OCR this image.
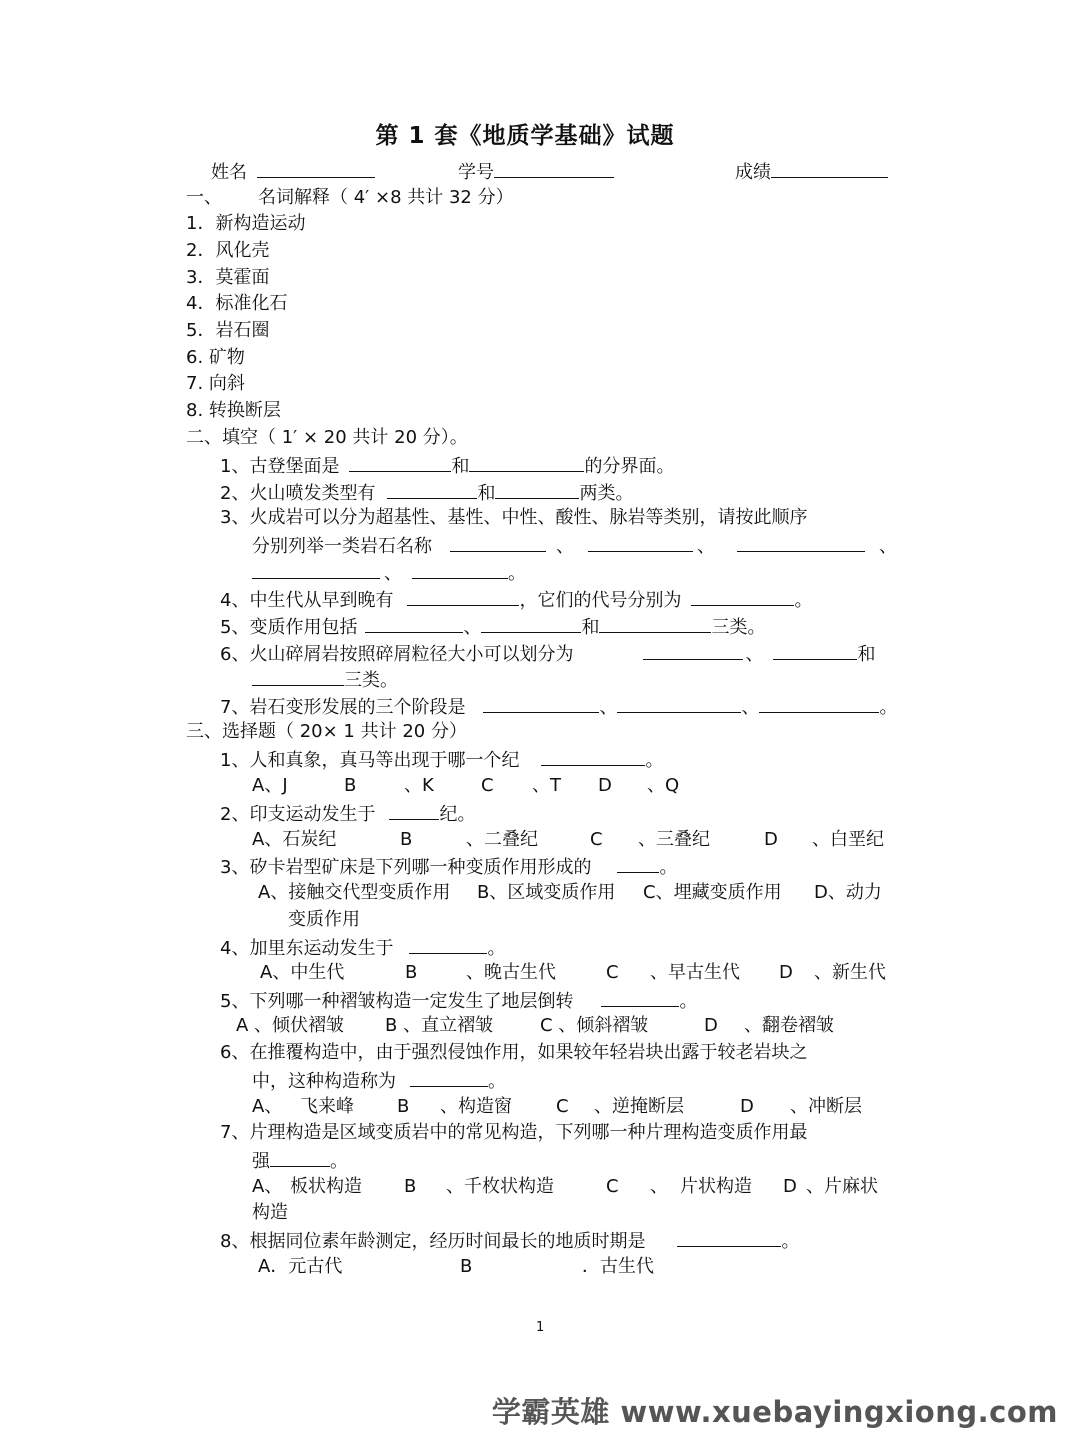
第 1 套《地质学基础》试题
姓名	学号	成绩
一、 名词解释（ 4′ ×8 共计 32 分）
1．新构造运动
2．风化壳
3．莫霍面
4．标准化石
5．岩石圈
6. 矿物
7. 向斜
8. 转换断层
二、填空（ 1′ × 20 共计 20 分）。
1、古登堡面是	和	的分界面。
2、火山喷发类型有	和	两类。
3、火成岩可以分为超基性、基性、中性、酸性、脉岩等类别，请按此顺序
分别列举一类岩石名称	、	、	、
、	。
4、中生代从早到晚有	，它们的代号分别为	。
5、变质作用包括	、	和	三类。
6、火山碎屑岩按照碎屑粒径大小可以划分为	、	和
三类。
7、岩石变形发展的三个阶段是	、	、	。
三、选择题（ 20× 1 共计 20 分）
1、人和真象，真马等出现于哪一个纪	。
A、J	B	、K	C 、T D 、Q
2、印支运动发生于	纪。
A、石炭纪	B	、二叠纪	C 、三叠纪	D 、白垩纪
3、矽卡岩型矿床是下列哪一种变质作用形成的	。
A、接触交代型变质作用 B、区域变质作用 C、埋藏变质作用 D、动力
变质作用
4、加里东运动发生于	。
A、中生代	B	、晚古生代	C 、早古生代 D 、新生代
5、下列哪一种褶皱构造一定发生了地层倒转	。
A 、倾伏褶皱 B 、直立褶皱	C 、倾斜褶皱	D 、翻卷褶皱
6、在推覆构造中，由于强烈侵蚀作用，如果较年轻岩块出露于较老岩块之
中，这种构造称为	。
A、 飞来峰 B 、构造窗 C 、逆掩断层	D 、冲断层
7、片理构造是区域变质岩中的常见构造，下列哪一种片理构造变质作用最
强	。
A、 板状构造 B 、千枚状构造	C 、 片状构造 D 、片麻状
构造
8、根据同位素年龄测定，经历时间最长的地质时期是	。
A．元古代	B	．古生代
1
学霸英雄 www.xuebayingxiong.com
